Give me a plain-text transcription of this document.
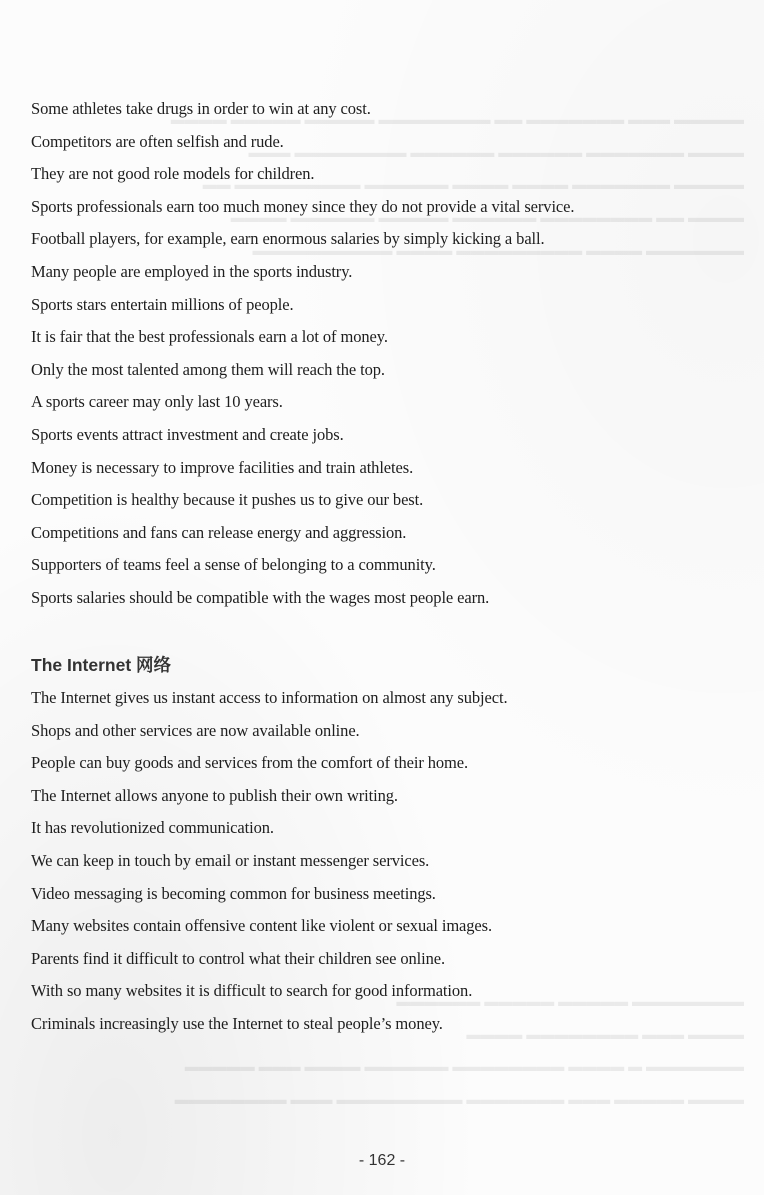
▬▬▬▬▬ ▬▬▬ ▬▬▬▬▬▬▬ ▬▬ ▬▬▬▬▬▬▬▬ ▬▬▬▬▬ ▬▬▬▬▬ ▬▬▬▬
▬▬▬▬ ▬▬▬▬▬▬▬ ▬▬▬▬▬▬ ▬▬▬▬▬▬ ▬▬▬▬▬▬▬▬ ▬▬▬
▬▬▬▬▬ ▬▬▬▬▬▬▬ ▬▬▬▬ ▬▬▬▬ ▬▬▬▬▬▬ ▬▬▬▬▬▬▬▬▬ ▬▬
▬▬▬▬ ▬▬ ▬▬▬▬▬▬▬▬ ▬▬▬▬▬▬ ▬▬▬▬▬ ▬▬▬▬▬▬ ▬▬▬▬
▬▬▬▬▬▬▬ ▬▬▬▬ ▬▬▬▬▬▬▬▬▬ ▬▬▬▬ ▬▬▬▬▬▬▬▬▬▬
Some athletes take drugs in order to win at any cost.
Competitors are often selfish and rude.
They are not good role models for children.
Sports professionals earn too much money since they do not provide a vital service.
Football players, for example, earn enormous salaries by simply kicking a ball.
Many people are employed in the sports industry.
Sports stars entertain millions of people.
It is fair that the best professionals earn a lot of money.
Only the most talented among them will reach the top.
A sports career may only last 10 years.
Sports events attract investment and create jobs.
Money is necessary to improve facilities and train athletes.
Competition is healthy because it pushes us to give our best.
Competitions and fans can release energy and aggression.
Supporters of teams feel a sense of belonging to a community.
Sports salaries should be compatible with the wages most people earn.
The Internet 网络
The Internet gives us instant access to information on almost any subject.
Shops and other services are now available online.
People can buy goods and services from the comfort of their home.
The Internet allows anyone to publish their own writing.
It has revolutionized communication.
We can keep in touch by email or instant messenger services.
Video messaging is becoming common for business meetings.
Many websites contain offensive content like violent or sexual images.
Parents find it difficult to control what their children see online.
With so many websites it is difficult to search for good information.
Criminals increasingly use the Internet to steal people’s money.
▬▬▬▬▬▬▬▬ ▬▬▬▬▬ ▬▬▬▬▬ ▬▬▬▬▬▬
▬▬▬▬ ▬▬▬ ▬▬▬▬▬▬▬▬ ▬▬▬▬
▬▬▬▬▬▬▬ ▬ ▬▬▬▬ ▬▬▬▬▬▬▬▬ ▬▬▬▬▬▬ ▬▬▬▬ ▬▬▬ ▬▬▬▬▬
▬▬▬▬ ▬▬▬▬▬ ▬▬▬ ▬▬▬▬▬▬▬ ▬▬▬▬▬▬▬▬▬ ▬▬▬ ▬▬▬▬▬▬▬▬
- 162 -
